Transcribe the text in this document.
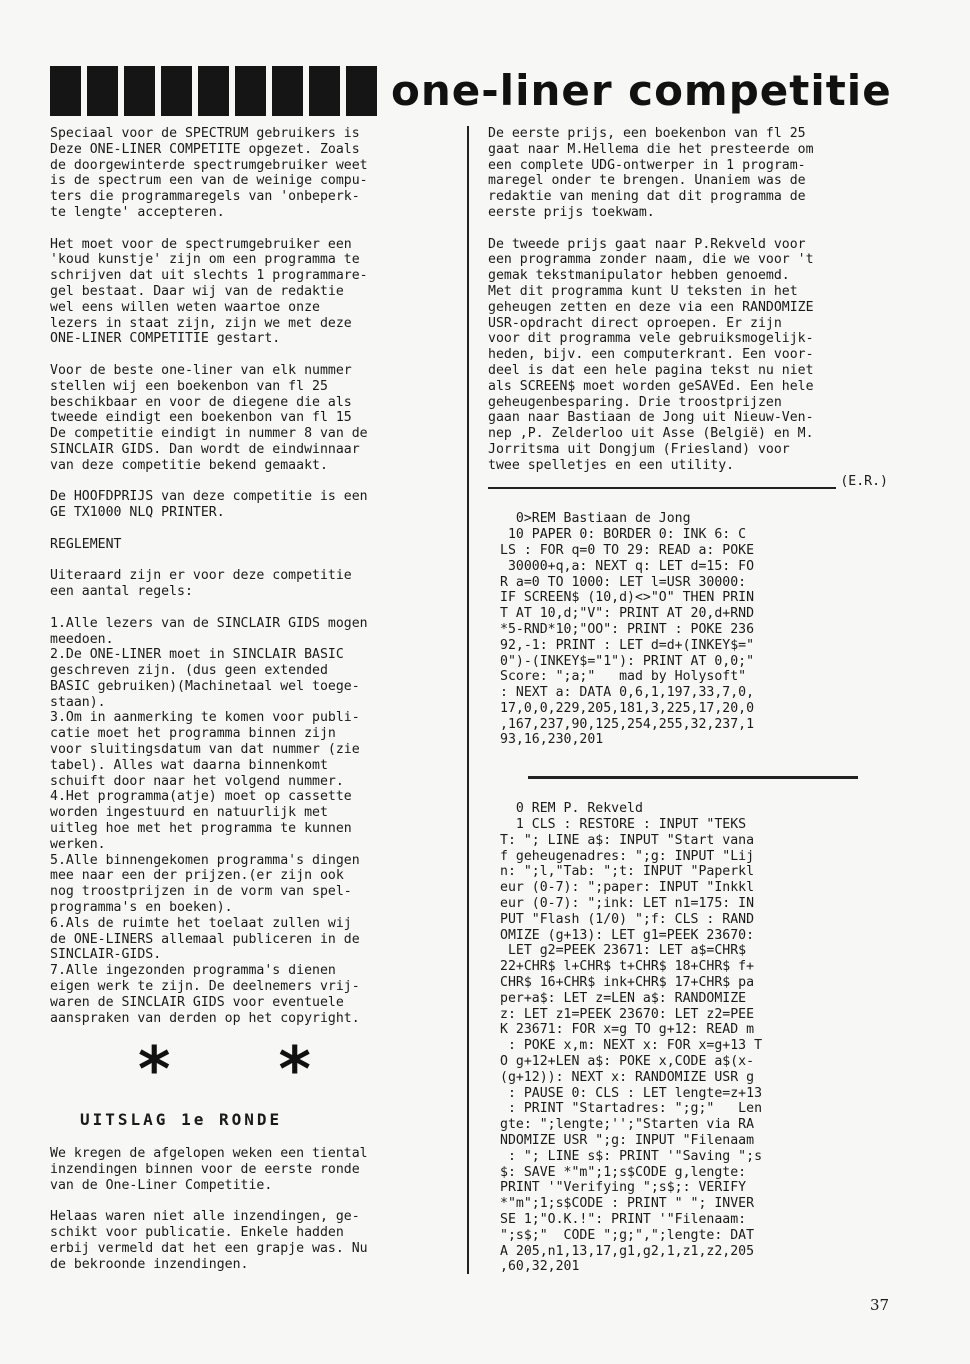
one-liner competitie

Speciaal voor de SPECTRUM gebruikers is
Deze ONE-LINER COMPETITE opgezet. Zoals
de doorgewinterde spectrumgebruiker weet
is de spectrum een van de weinige compu-
ters die programmaregels van 'onbeperk-
te lengte' accepteren.

Het moet voor de spectrumgebruiker een
'koud kunstje' zijn om een programma te
schrijven dat uit slechts 1 programmare-
gel bestaat. Daar wij van de redaktie
wel eens willen weten waartoe onze
lezers in staat zijn, zijn we met deze
ONE-LINER COMPETITIE gestart.

Voor de beste one-liner van elk nummer
stellen wij een boekenbon van fl 25
beschikbaar en voor de diegene die als
tweede eindigt een boekenbon van fl 15
De competitie eindigt in nummer 8 van de
SINCLAIR GIDS. Dan wordt de eindwinnaar
van deze competitie bekend gemaakt.

De HOOFDPRIJS van deze competitie is een
GE TX1000 NLQ PRINTER.

REGLEMENT

Uiteraard zijn er voor deze competitie
een aantal regels:

1.Alle lezers van de SINCLAIR GIDS mogen
meedoen.
2.De ONE-LINER moet in SINCLAIR BASIC
geschreven zijn. (dus geen extended
BASIC gebruiken)(Machinetaal wel toege-
staan).
3.Om in aanmerking te komen voor publi-
catie moet het programma binnen zijn
voor sluitingsdatum van dat nummer (zie
tabel). Alles wat daarna binnenkomt
schuift door naar het volgend nummer.
4.Het programma(atje) moet op cassette
worden ingestuurd en natuurlijk met
uitleg hoe met het programma te kunnen
werken.
5.Alle binnengekomen programma's dingen
mee naar een der prijzen.(er zijn ook
nog troostprijzen in de vorm van spel-
programma's en boeken).
6.Als de ruimte het toelaat zullen wij
de ONE-LINERS allemaal publiceren in de
SINCLAIR-GIDS.
7.Alle ingezonden programma's dienen
eigen werk te zijn. De deelnemers vrij-
waren de SINCLAIR GIDS voor eventuele
aanspraken van derden op het copyright.

* *
UITSLAG 1e RONDE

We kregen de afgelopen weken een tiental
inzendingen binnen voor de eerste ronde
van de One-Liner Competitie.

Helaas waren niet alle inzendingen, ge-
schikt voor publicatie. Enkele hadden
erbij vermeld dat het een grapje was. Nu
de bekroonde inzendingen.

De eerste prijs, een boekenbon van fl 25
gaat naar M.Hellema die het presteerde om
een complete UDG-ontwerper in 1 program-
maregel onder te brengen. Unaniem was de
redaktie van mening dat dit programma de
eerste prijs toekwam.

De tweede prijs gaat naar P.Rekveld voor
een programma zonder naam, die we voor 't
gemak tekstmanipulator hebben genoemd.
Met dit programma kunt U teksten in het
geheugen zetten en deze via een RANDOMIZE
USR-opdracht direct oproepen. Er zijn
voor dit programma vele gebruiksmogelijk-
heden, bijv. een computerkrant. Een voor-
deel is dat een hele pagina tekst nu niet
als SCREEN$ moet worden geSAVEd. Een hele
geheugenbesparing. Drie troostprijzen
gaan naar Bastiaan de Jong uit Nieuw-Ven-
nep ,P. Zelderloo uit Asse (België) en M.
Jorritsma uit Dongjum (Friesland) voor
twee spelletjes en een utility.

(E.R.)
0>REM Bastiaan de Jong
10 PAPER 0: BORDER 0: INK 6: C
LS : FOR q=0 TO 29: READ a: POKE
30000+q,a: NEXT q: LET d=15: FO
R a=0 TO 1000: LET l=USR 30000:
IF SCREEN$ (10,d)<>"O" THEN PRIN
T AT 10,d;"V": PRINT AT 20,d+RND
*5-RND*10;"OO": PRINT : POKE 236
92,-1: PRINT : LET d=d+(INKEY$="
0")-(INKEY$="1"): PRINT AT 0,0;"
Score: ";a;"   mad by Holysoft"
: NEXT a: DATA 0,6,1,197,33,7,0,
17,0,0,229,205,181,3,225,17,20,0
,167,237,90,125,254,255,32,237,1
93,16,230,201
0 REM P. Rekveld
1 CLS : RESTORE : INPUT "TEKS
T: "; LINE a$: INPUT "Start vana
f geheugenadres: ";g: INPUT "Lij
n: ";l,"Tab: ";t: INPUT "Paperkl
eur (0-7): ";paper: INPUT "Inkkl
eur (0-7): ";ink: LET n1=175: IN
PUT "Flash (1/0) ";f: CLS : RAND
OMIZE (g+13): LET g1=PEEK 23670:
LET g2=PEEK 23671: LET a$=CHR$
22+CHR$ l+CHR$ t+CHR$ 18+CHR$ f+
CHR$ 16+CHR$ ink+CHR$ 17+CHR$ pa
per+a$: LET z=LEN a$: RANDOMIZE
z: LET z1=PEEK 23670: LET z2=PEE
K 23671: FOR x=g TO g+12: READ m
: POKE x,m: NEXT x: FOR x=g+13 T
O g+12+LEN a$: POKE x,CODE a$(x-
(g+12)): NEXT x: RANDOMIZE USR g
: PAUSE 0: CLS : LET lengte=z+13
: PRINT "Startadres: ";g;"   Len
gte: ";lengte;'';"Starten via RA
NDOMIZE USR ";g: INPUT "Filenaam
: "; LINE s$: PRINT '"Saving ";s
$: SAVE *"m";1;s$CODE g,lengte:
PRINT '"Verifying ";s$;: VERIFY
*"m";1;s$CODE : PRINT " "; INVER
SE 1;"O.K.!": PRINT '"Filenaam:
";s$;"  CODE ";g;",";lengte: DAT
A 205,n1,13,17,g1,g2,1,z1,z2,205
,60,32,201
37
